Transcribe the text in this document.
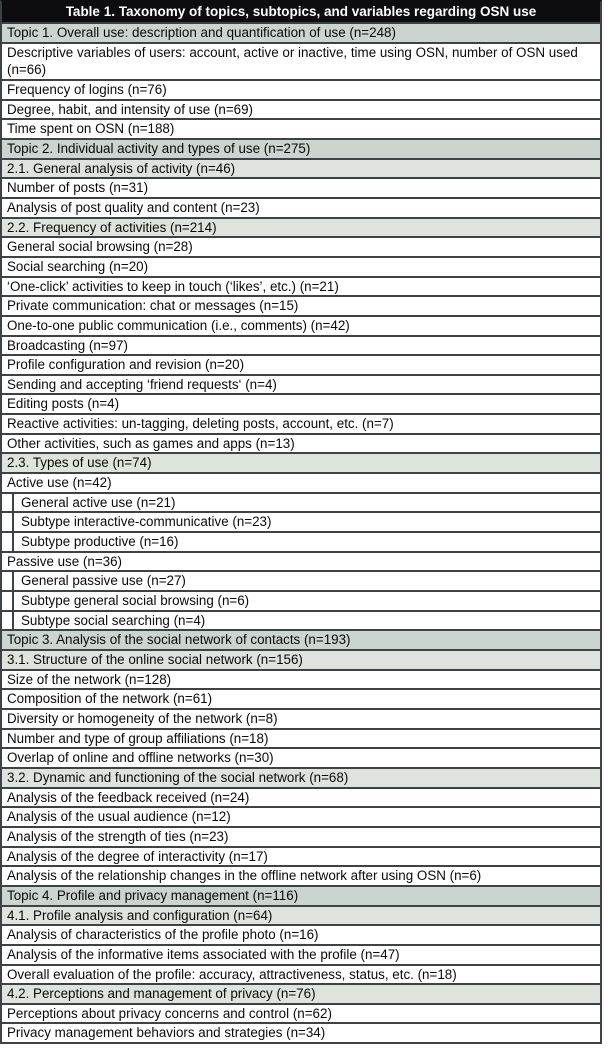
Table 1. Taxonomy of topics, subtopics, and variables regarding OSN use
Topic 1. Overall use: description and quantification of use (n=248)
Descriptive variables of users: account, active or inactive, time using OSN, number of OSN used (n=66)
Frequency of logins (n=76)
Degree, habit, and intensity of use (n=69)
Time spent on OSN (n=188)
Topic 2. Individual activity and types of use (n=275)
2.1. General analysis of activity (n=46)
Number of posts (n=31)
Analysis of post quality and content (n=23)
2.2. Frequency of activities (n=214)
General social browsing (n=28)
Social searching (n=20)
‘One-click’ activities to keep in touch (‘likes’, etc.) (n=21)
Private communication: chat or messages (n=15)
One-to-one public communication (i.e., comments) (n=42)
Broadcasting (n=97)
Profile configuration and revision (n=20)
Sending and accepting ‘friend requests‘ (n=4)
Editing posts (n=4)
Reactive activities: un-tagging, deleting posts, account, etc. (n=7)
Other activities, such as games and apps (n=13)
2.3. Types of use (n=74)
Active use (n=42)
General active use (n=21)
Subtype interactive-communicative (n=23)
Subtype productive (n=16)
Passive use (n=36)
General passive use (n=27)
Subtype general social browsing (n=6)
Subtype social searching (n=4)
Topic 3. Analysis of the social network of contacts (n=193)
3.1. Structure of the online social network (n=156)
Size of the network (n=128)
Composition of the network (n=61)
Diversity or homogeneity of the network (n=8)
Number and type of group affiliations (n=18)
Overlap of online and offline networks (n=30)
3.2. Dynamic and functioning of the social network (n=68)
Analysis of the feedback received (n=24)
Analysis of the usual audience (n=12)
Analysis of the strength of ties (n=23)
Analysis of the degree of interactivity (n=17)
Analysis of the relationship changes in the offline network after using OSN (n=6)
Topic 4. Profile and privacy management (n=116)
4.1. Profile analysis and configuration (n=64)
Analysis of characteristics of the profile photo (n=16)
Analysis of the informative items associated with the profile (n=47)
Overall evaluation of the profile: accuracy, attractiveness, status, etc. (n=18)
4.2. Perceptions and management of privacy (n=76)
Perceptions about privacy concerns and control (n=62)
Privacy management behaviors and strategies (n=34)
